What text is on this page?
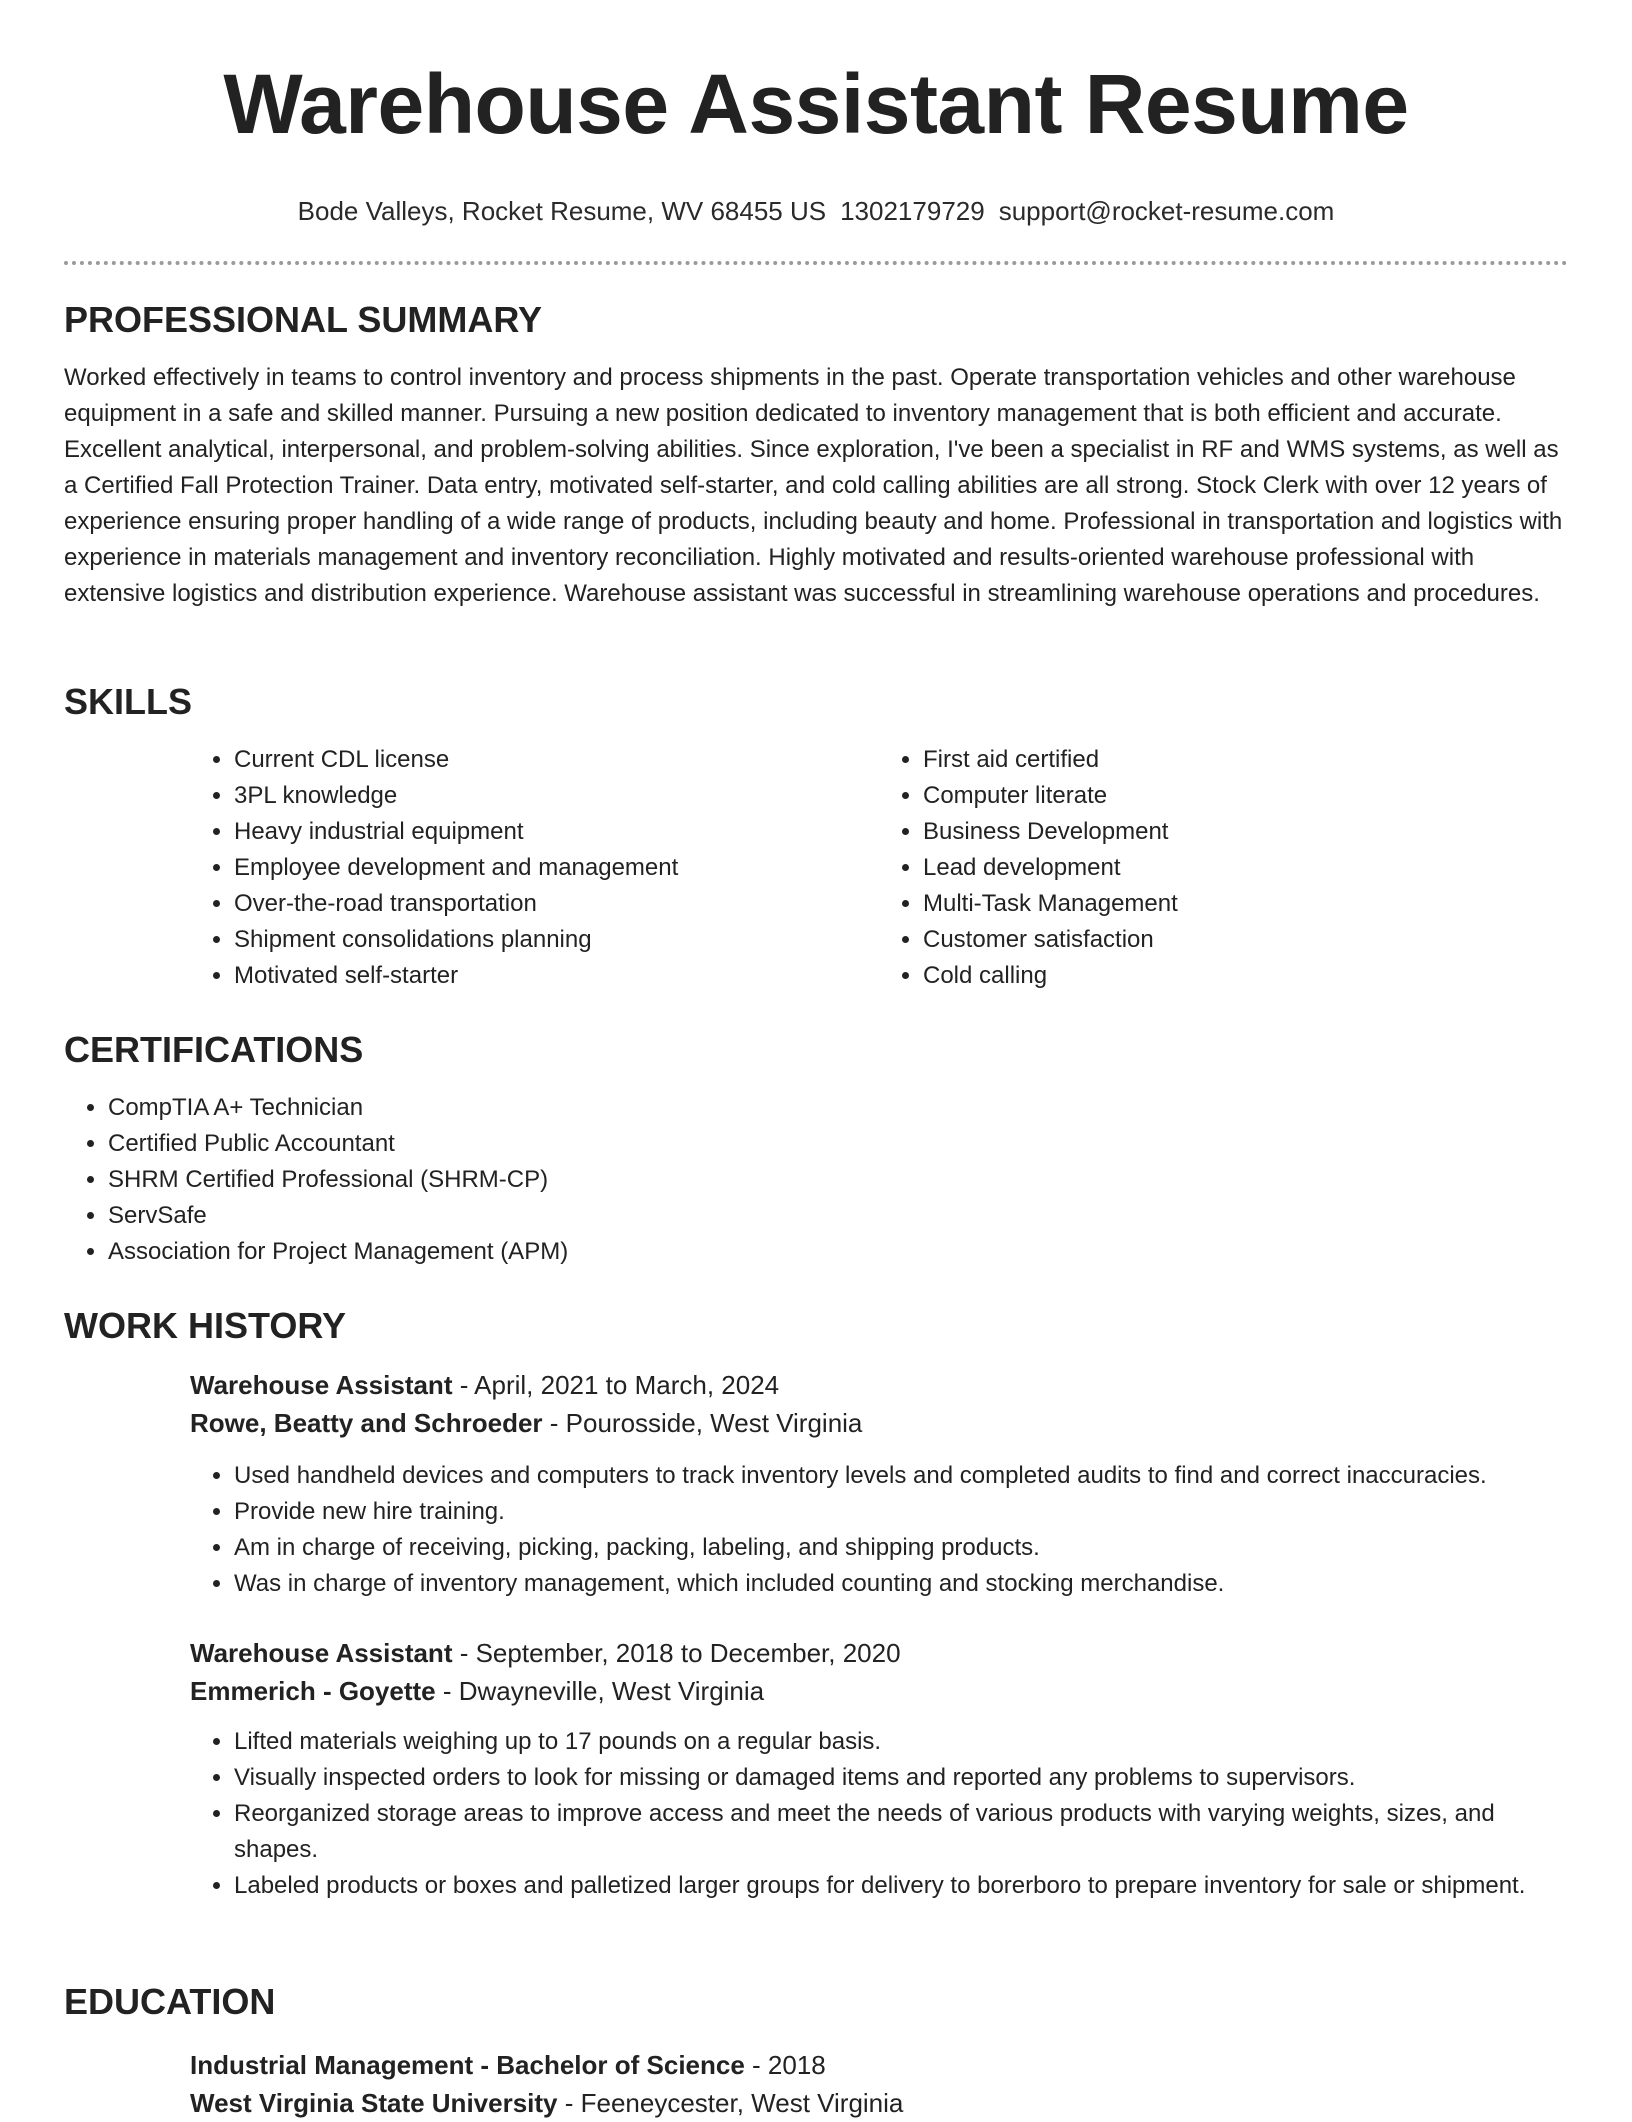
Warehouse Assistant Resume
Bode Valleys, Rocket Resume, WV 68455 US 1302179729 support@rocket-resume.com
PROFESSIONAL SUMMARY

Worked effectively in teams to control inventory and process shipments in the past. Operate transportation vehicles and other warehouse equipment in a safe and skilled manner. Pursuing a new position dedicated to inventory management that is both efficient and accurate. Excellent analytical, interpersonal, and problem-solving abilities. Since exploration, I've been a specialist in RF and WMS systems, as well as a Certified Fall Protection Trainer. Data entry, motivated self-starter, and cold calling abilities are all strong. Stock Clerk with over 12 years of experience ensuring proper handling of a wide range of products, including beauty and home. Professional in transportation and logistics with experience in materials management and inventory reconciliation. Highly motivated and results-oriented warehouse professional with extensive logistics and distribution experience. Warehouse assistant was successful in streamlining warehouse operations and procedures.

SKILLS
• Current CDL license
• 3PL knowledge
• Heavy industrial equipment
• Employee development and management
• Over-the-road transportation
• Shipment consolidations planning
• Motivated self-starter
• First aid certified
• Computer literate
• Business Development
• Lead development
• Multi-Task Management
• Customer satisfaction
• Cold calling
CERTIFICATIONS
• CompTIA A+ Technician
• Certified Public Accountant
• SHRM Certified Professional (SHRM-CP)
• ServSafe
• Association for Project Management (APM)
WORK HISTORY

Warehouse Assistant - April, 2021 to March, 2024

Rowe, Beatty and Schroeder - Pourosside, West Virginia

• Used handheld devices and computers to track inventory levels and completed audits to find and correct inaccuracies.
• Provide new hire training.
• Am in charge of receiving, picking, packing, labeling, and shipping products.
• Was in charge of inventory management, which included counting and stocking merchandise.

Warehouse Assistant - September, 2018 to December, 2020

Emmerich - Goyette - Dwayneville, West Virginia

• Lifted materials weighing up to 17 pounds on a regular basis.
• Visually inspected orders to look for missing or damaged items and reported any problems to supervisors.
• Reorganized storage areas to improve access and meet the needs of various products with varying weights, sizes, and shapes.
• Labeled products or boxes and palletized larger groups for delivery to borerboro to prepare inventory for sale or shipment.
EDUCATION

Industrial Management - Bachelor of Science - 2018

West Virginia State University - Feeneycester, West Virginia
